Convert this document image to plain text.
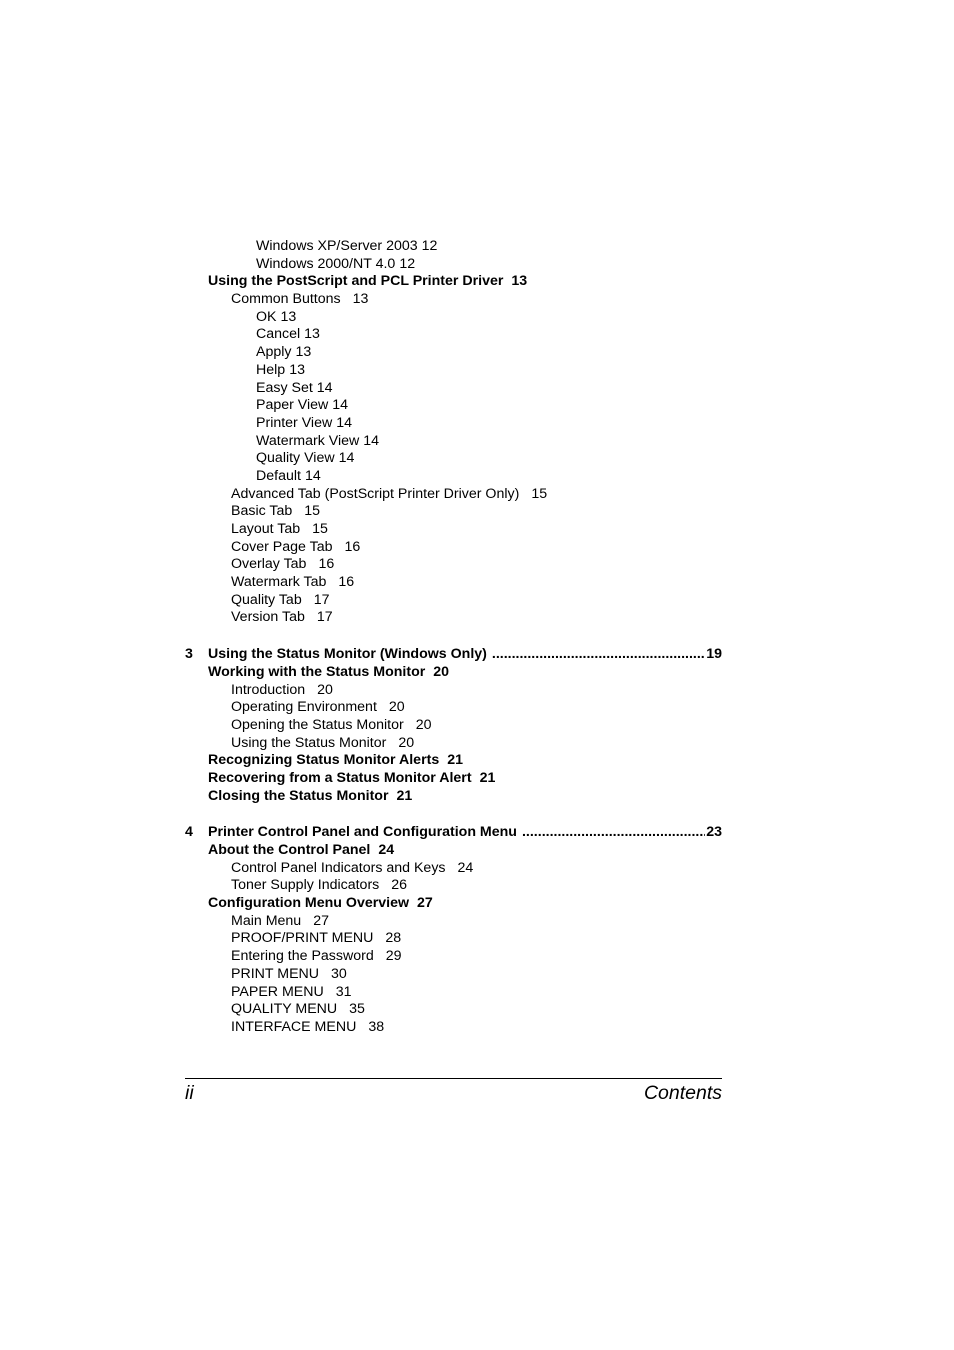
Windows XP/Server 2003 12
Windows 2000/NT 4.0 12
Using the PostScript and PCL Printer Driver 13
Common Buttons 13
OK 13
Cancel 13
Apply 13
Help 13
Easy Set 14
Paper View 14
Printer View 14
Watermark View 14
Quality View 14
Default 14
Advanced Tab (PostScript Printer Driver Only) 15
Basic Tab 15
Layout Tab 15
Cover Page Tab 16
Overlay Tab 16
Watermark Tab 16
Quality Tab 17
Version Tab 17
3	Using the Status Monitor (Windows Only) .....	19
Working with the Status Monitor 20
Introduction 20
Operating Environment 20
Opening the Status Monitor 20
Using the Status Monitor 20
Recognizing Status Monitor Alerts 21
Recovering from a Status Monitor Alert 21
Closing the Status Monitor 21
4	Printer Control Panel and Configuration Menu .....	23
About the Control Panel 24
Control Panel Indicators and Keys 24
Toner Supply Indicators 26
Configuration Menu Overview 27
Main Menu 27
PROOF/PRINT MENU 28
Entering the Password 29
PRINT MENU 30
PAPER MENU 31
QUALITY MENU 35
INTERFACE MENU 38
ii	Contents
